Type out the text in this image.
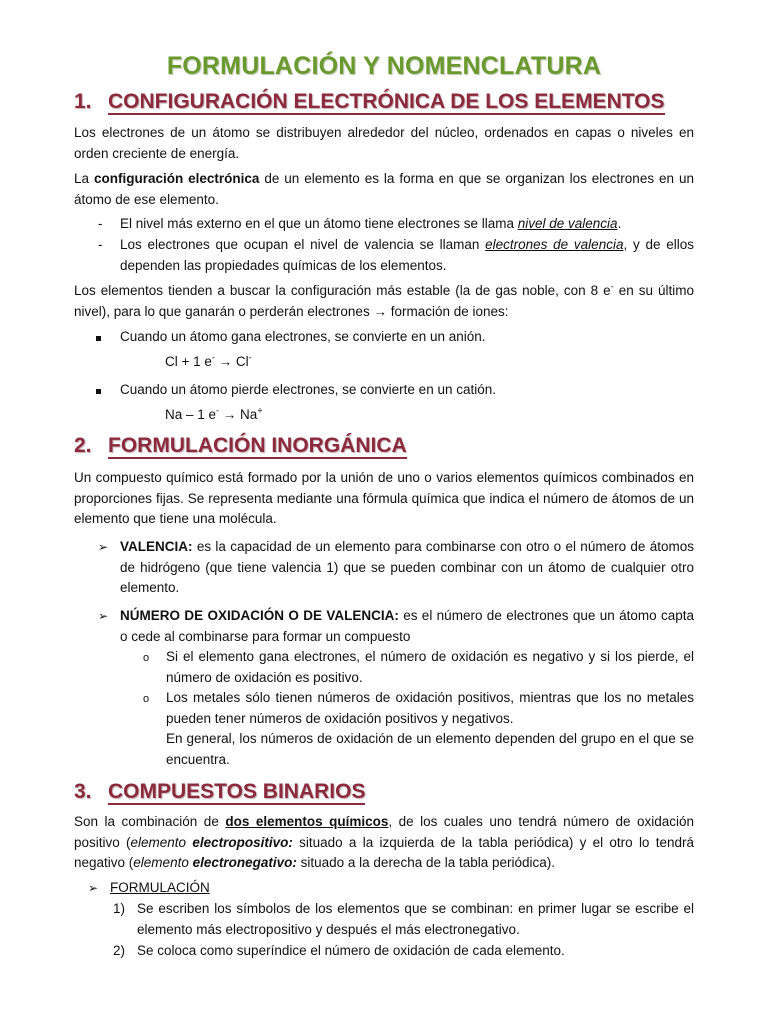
FORMULACIÓN Y NOMENCLATURA
1. CONFIGURACIÓN ELECTRÓNICA DE LOS ELEMENTOS

Los electrones de un átomo se distribuyen alrededor del núcleo, ordenados en capas o niveles en orden creciente de energía.

La configuración electrónica de un elemento es la forma en que se organizan los electrones en un átomo de ese elemento.

- El nivel más externo en el que un átomo tiene electrones se llama nivel de valencia.

- Los electrones que ocupan el nivel de valencia se llaman electrones de valencia, y de ellos dependen las propiedades químicas de los elementos.

Los elementos tienden a buscar la configuración más estable (la de gas noble, con 8 e- en su último nivel), para lo que ganarán o perderán electrones → formación de iones:

Cuando un átomo gana electrones, se convierte en un anión.

Cl + 1 e- → Cl-

Cuando un átomo pierde electrones, se convierte en un catión.

Na – 1 e- → Na+
2. FORMULACIÓN INORGÁNICA

Un compuesto químico está formado por la unión de uno o varios elementos químicos combinados en proporciones fijas. Se representa mediante una fórmula química que indica el número de átomos de un elemento que tiene una molécula.

➢ VALENCIA: es la capacidad de un elemento para combinarse con otro o el número de átomos de hidrógeno (que tiene valencia 1) que se pueden combinar con un átomo de cualquier otro elemento.

➢ NÚMERO DE OXIDACIÓN O DE VALENCIA: es el número de electrones que un átomo capta o cede al combinarse para formar un compuesto

o Si el elemento gana electrones, el número de oxidación es negativo y si los pierde, el número de oxidación es positivo.

o Los metales sólo tienen números de oxidación positivos, mientras que los no metales pueden tener números de oxidación positivos y negativos.

En general, los números de oxidación de un elemento dependen del grupo en el que se encuentra.

3. COMPUESTOS BINARIOS

Son la combinación de dos elementos químicos, de los cuales uno tendrá número de oxidación positivo (elemento electropositivo: situado a la izquierda de la tabla periódica) y el otro lo tendrá negativo (elemento electronegativo: situado a la derecha de la tabla periódica).

➢ FORMULACIÓN
1) Se escriben los símbolos de los elementos que se combinan: en primer lugar se escribe el elemento más electropositivo y después el más electronegativo.

2) Se coloca como superíndice el número de oxidación de cada elemento.
